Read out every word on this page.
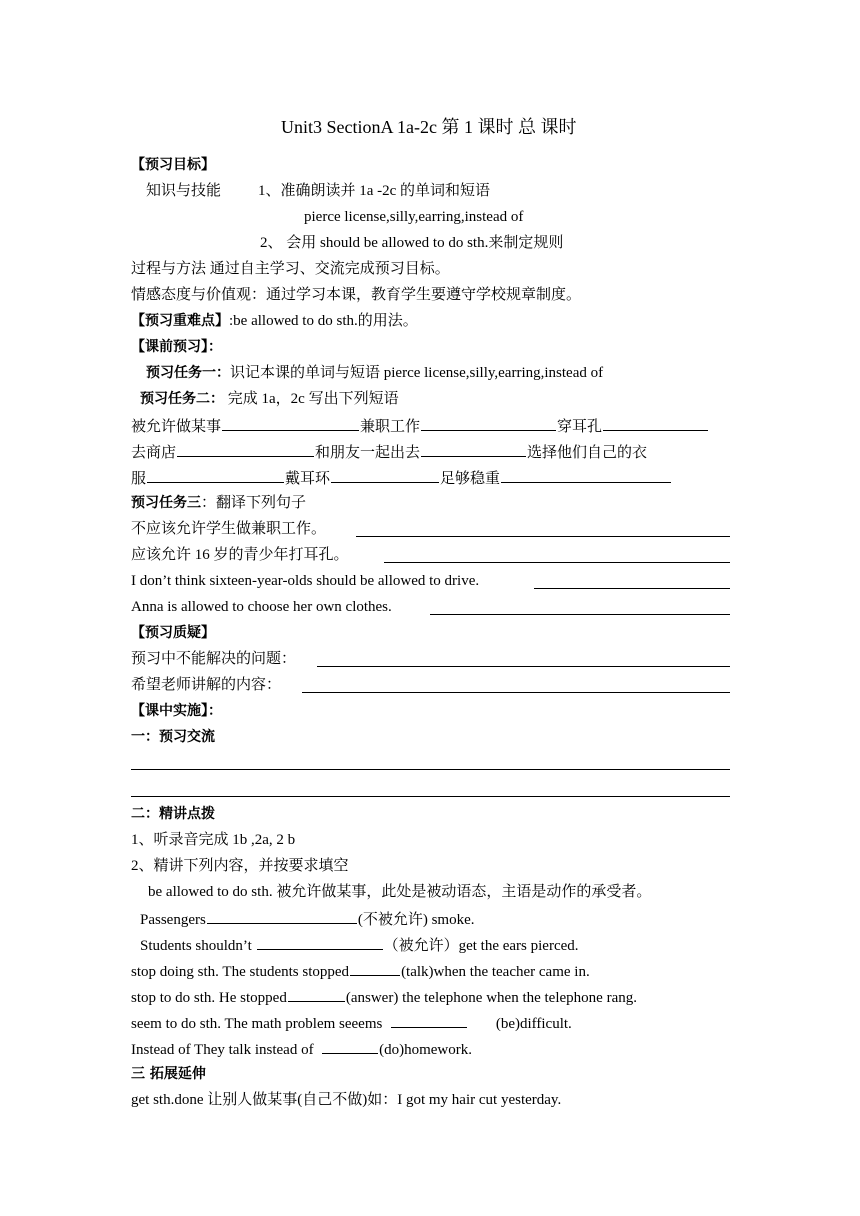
Unit3 SectionA 1a-2c 第 1 课时 总 课时
【预习目标】
知识与技能 1、准确朗读并 1a -2c 的单词和短语
pierce license,silly,earring,instead of
2、 会用 should be allowed to do sth.来制定规则
过程与方法 通过自主学习、交流完成预习目标。
情感态度与价值观：通过学习本课，教育学生要遵守学校规章制度。
【预习重难点】:be allowed to do sth.的用法。
【课前预习】：
预习任务一：识记本课的单词与短语 pierce license,silly,earring,instead of
预习任务二： 完成 1a，2c 写出下列短语
被允许做某事	兼职工作	穿耳孔
去商店	和朋友一起出去	选择他们自己的衣
服	戴耳环	足够稳重
预习任务三：翻译下列句子
不应该允许学生做兼职工作。
应该允许 16 岁的青少年打耳孔。
I don’t think sixteen-year-olds should be allowed to drive.
Anna is allowed to choose her own clothes.
【预习质疑】
预习中不能解决的问题：
希望老师讲解的内容：
【课中实施】：
一：预习交流
二：精讲点拨
1、听录音完成 1b ,2a, 2 b
2、精讲下列内容，并按要求填空
be allowed to do sth. 被允许做某事，此处是被动语态，主语是动作的承受者。
Passengers	(不被允许) smoke.
Students shouldn’t	（被允许）get the ears pierced.
stop doing sth. The students stopped	(talk)when the teacher came in.
stop to do sth. He stopped	(answer) the telephone when the telephone rang.
seem to do sth. The math problem seeems	(be)difficult.
Instead of They talk instead of	(do)homework.
三 拓展延伸
get sth.done 让别人做某事(自己不做)如：I got my hair cut yesterday.
